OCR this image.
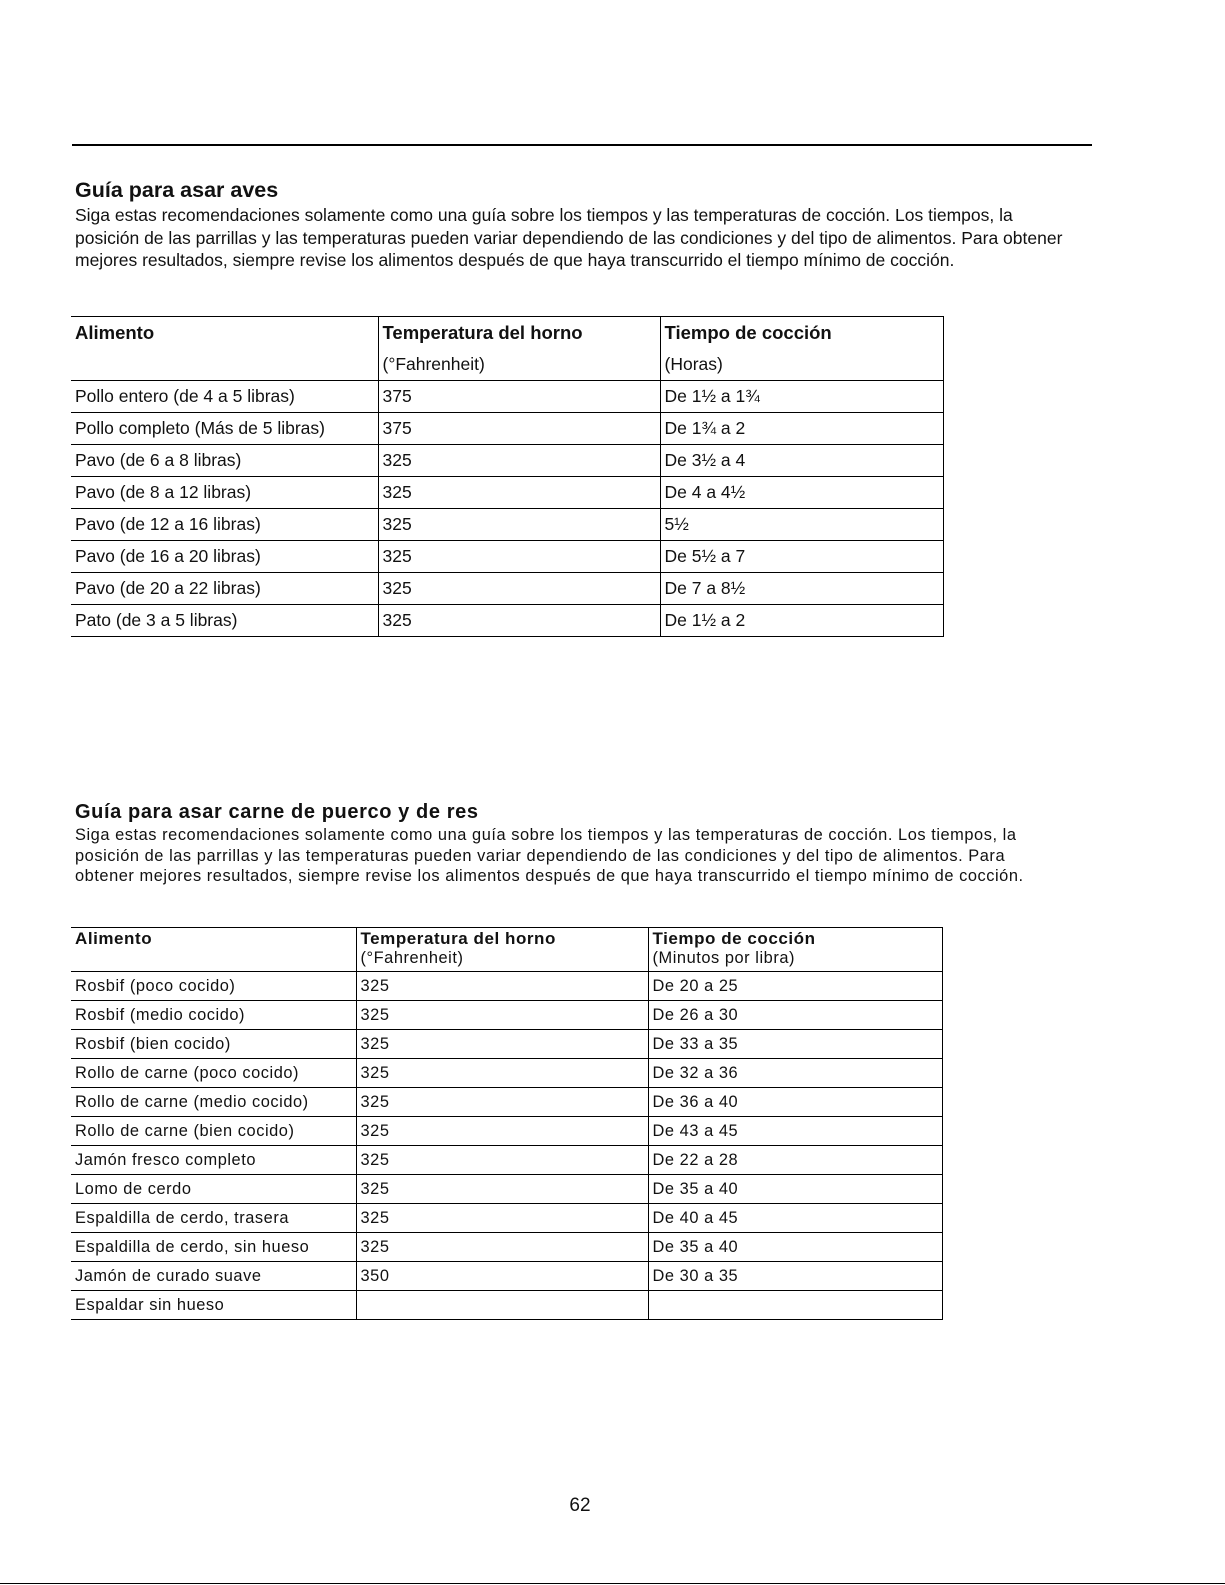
Guía para asar aves

Siga estas recomendaciones solamente como una guía sobre los tiempos y las temperaturas de cocción. Los tiempos, la posición de las parrillas y las temperaturas pueden variar dependiendo de las condiciones y del tipo de alimentos. Para obtener mejores resultados, siempre revise los alimentos después de que haya transcurrido el tiempo mínimo de cocción.

Alimento	Temperatura del horno	Tiempo de cocción
	(°Fahrenheit)	(Horas)
Pollo entero (de 4 a 5 libras)	375	De 1½ a 1¾
Pollo completo (Más de 5 libras)	375	De 1¾ a 2
Pavo (de 6 a 8 libras)	325	De 3½ a 4
Pavo (de 8 a 12 libras)	325	De 4 a 4½
Pavo (de 12 a 16 libras)	325	5½
Pavo (de 16 a 20 libras)	325	De 5½ a 7
Pavo (de 20 a 22 libras)	325	De 7 a 8½
Pato (de 3 a 5 libras)	325	De 1½ a 2
Guía para asar carne de puerco y de res

Siga estas recomendaciones solamente como una guía sobre los tiempos y las temperaturas de cocción. Los tiempos, la posición de las parrillas y las temperaturas pueden variar dependiendo de las condiciones y del tipo de alimentos. Para obtener mejores resultados, siempre revise los alimentos después de que haya transcurrido el tiempo mínimo de cocción.

Alimento	Temperatura del horno	Tiempo de cocción
	(°Fahrenheit)	(Minutos por libra)
Rosbif (poco cocido)	325	De 20 a 25
Rosbif (medio cocido)	325	De 26 a 30
Rosbif (bien cocido)	325	De 33 a 35
Rollo de carne (poco cocido)	325	De 32 a 36
Rollo de carne (medio cocido)	325	De 36 a 40
Rollo de carne (bien cocido)	325	De 43 a 45
Jamón fresco completo	325	De 22 a 28
Lomo de cerdo	325	De 35 a 40
Espaldilla de cerdo, trasera	325	De 40 a 45
Espaldilla de cerdo, sin hueso	325	De 35 a 40
Jamón de curado suave	350	De 30 a 35
Espaldar sin hueso		
62
